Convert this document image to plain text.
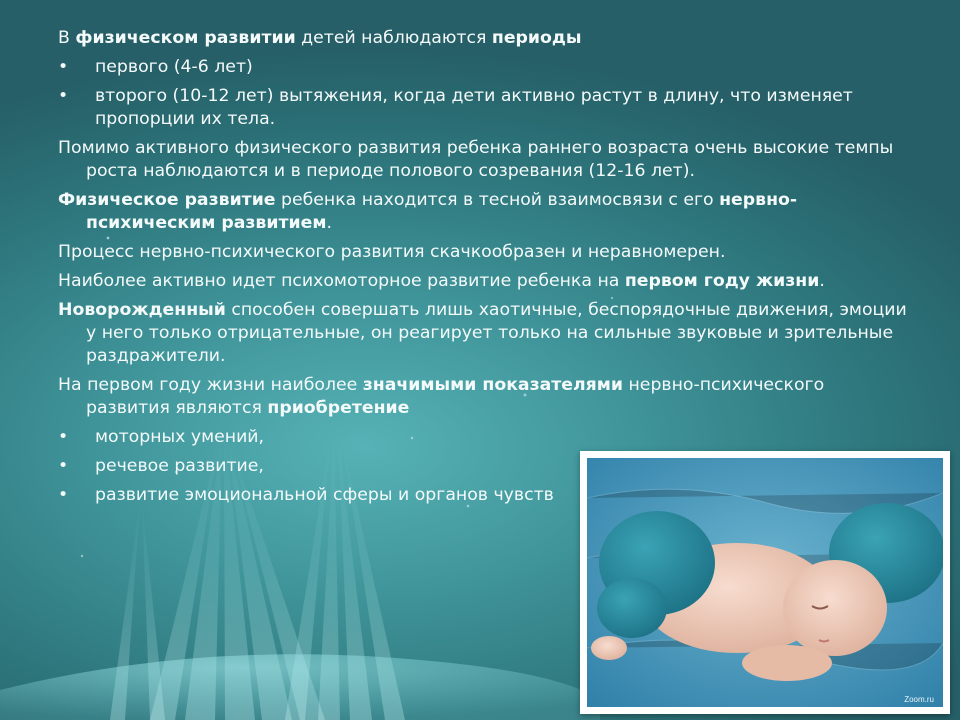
В физическом развитии детей наблюдаются периоды
•	первого (4-6 лет)
•	второго (10-12 лет) вытяжения, когда дети активно растут в длину, что изменяет пропорции их тела.
Помимо активного физического развития ребенка раннего возраста очень высокие темпы роста наблюдаются и в периоде полового созревания (12-16 лет).
Физическое развитие ребенка находится в тесной взаимосвязи с его нервно-психическим развитием.
Процесс нервно-психического развития скачкообразен и неравномерен.
Наиболее активно идет психомоторное развитие ребенка на первом году жизни.
Новорожденный способен совершать лишь хаотичные, беспорядочные движения, эмоции у него только отрицательные, он реагирует только на сильные звуковые и зрительные раздражители.
На первом году жизни наиболее значимыми показателями нервно-психического развития являются приобретение
•	моторных умений,
•	речевое развитие,
•	развитие эмоциональной сферы и органов чувств
Zoom.ru
